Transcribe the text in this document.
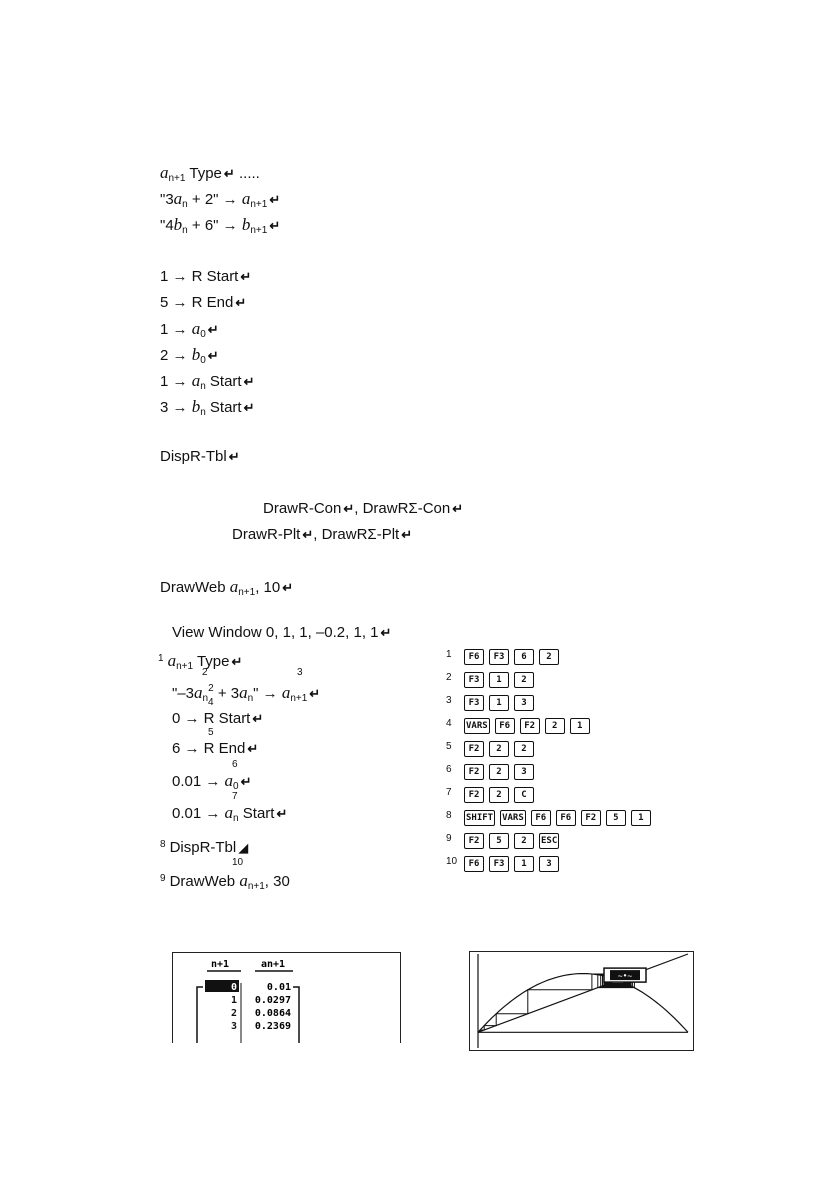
$a_{n+1}$ Type ↵ .....
"$3a_n + 2$" → $a_{n+1}$ ↵
"$4b_n + 6$" → $b_{n+1}$ ↵
1 → R Start ↵
5 → R End ↵
$1 \to a_0$ ↵
$2 \to b_0$ ↵
$1 \to a_n$ Start ↵
$3 \to b_n$ Start ↵
DispR-Tbl ↵
DrawR-Con ↵, DrawRΣ-Con ↵
DrawR-Plt ↵, DrawRΣ-Plt ↵
DrawWeb $a_{n+1}$, 10 ↵
View Window 0, 1, 1, –0.2, 1, 1 ↵
1 $a_{n+1}$ Type ↵
2	3
"$-3a_n^2 + 3a_n$" → $a_{n+1}$ ↵
4
0 → R Start ↵
5
6 → R End ↵
6
$0.01 \to a_0$ ↵
7
$0.01 \to a_n$ Start ↵
8 DispR-Tbl ◢
10
9 DrawWeb $a_{n+1}$, 30
1 F6 F3 6 2
2 F3 1 2
3 F3 1 3
4 VARS F6 F2 2 1
5 F2 2 2
6 F2 2 3
7 F2 2 C
8 SHIFT VARS F6 F6 F2 5 1
9 F2 5 2 ESC
10 F6 F3 1 3
n+1	an+1
0	0.01
1 0.0297
2 0.0864
3 0.2369
~•~
